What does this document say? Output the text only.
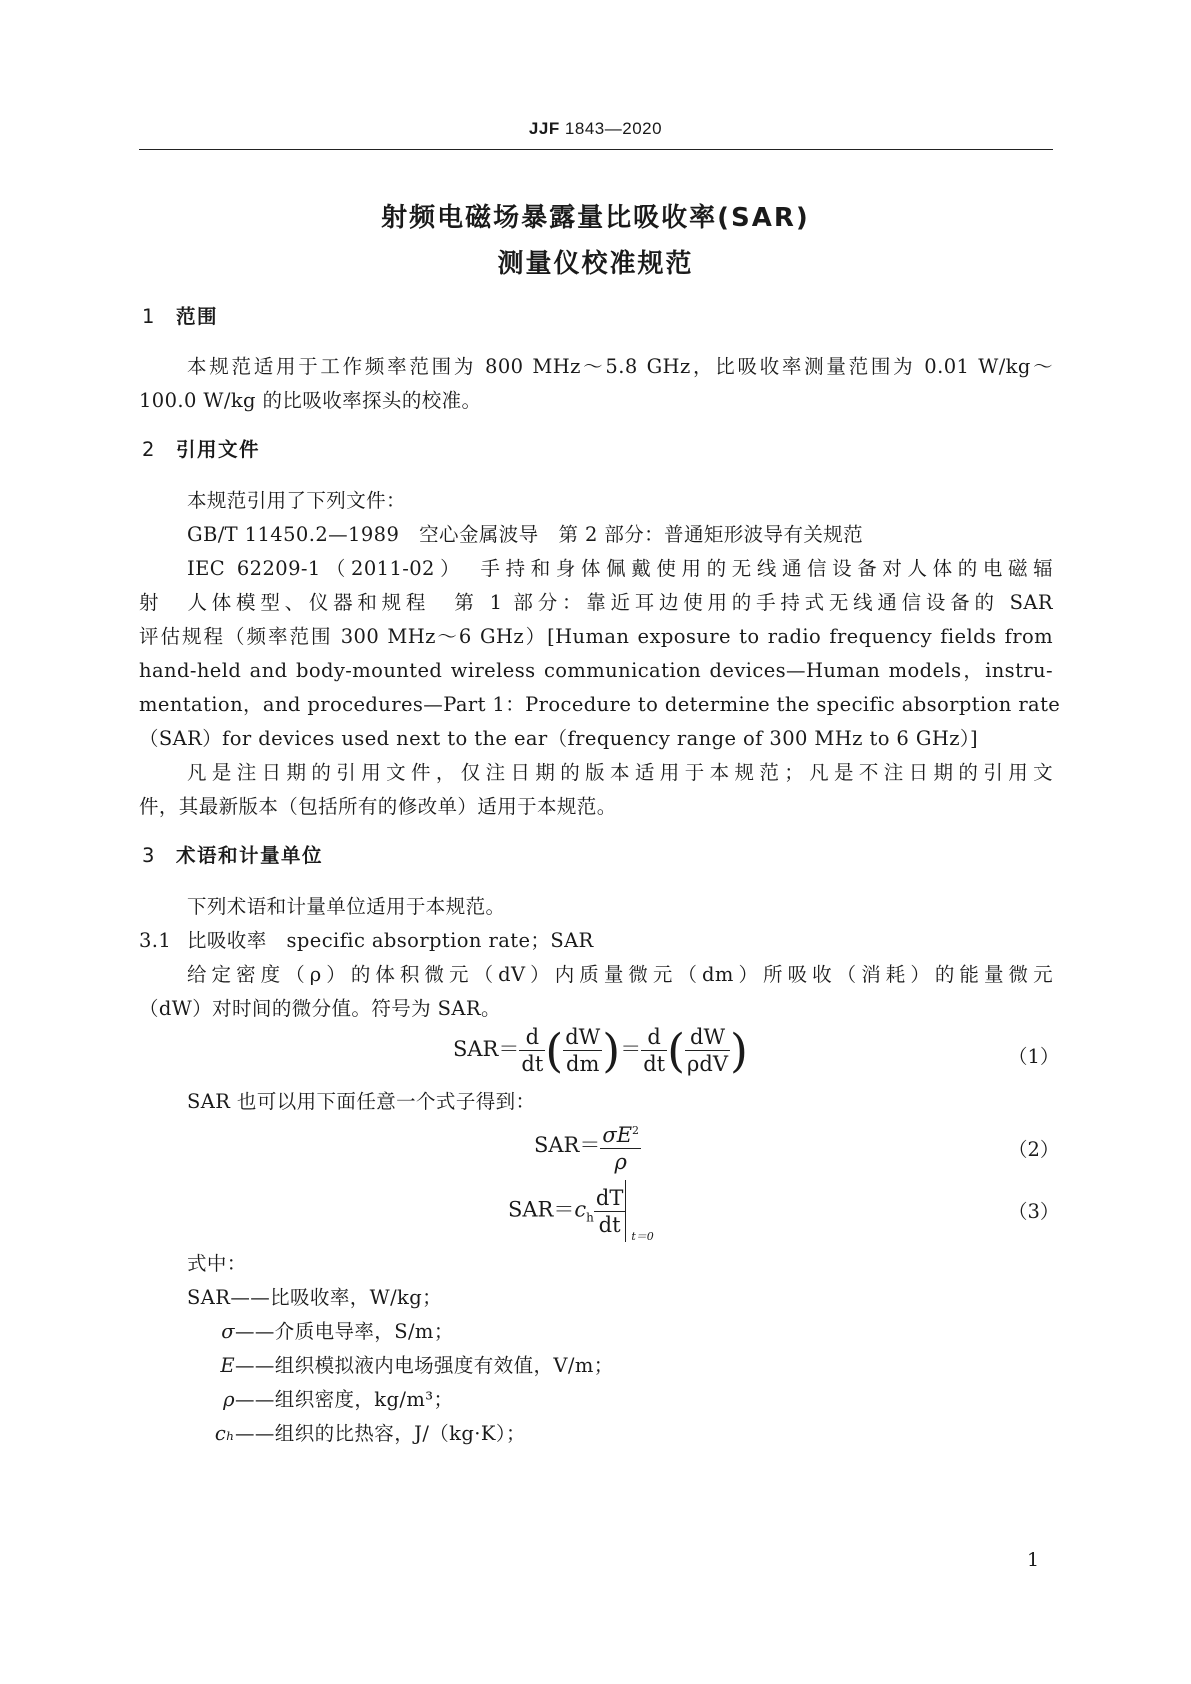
JJF 1843—2020
射频电磁场暴露量比吸收率(SAR)
测量仪校准规范
1 范围
本规范适用于工作频率范围为 800 MHz～5.8 GHz，比吸收率测量范围为 0.01 W/kg～
100.0 W/kg 的比吸收率探头的校准。
2 引用文件
本规范引用了下列文件：
GB/T 11450.2—1989　空心金属波导　第 2 部分：普通矩形波导有关规范
IEC 62209-1（2011-02）　手持和身体佩戴使用的无线通信设备对人体的电磁辐
射　人体模型、仪器和规程　第 1 部分：靠近耳边使用的手持式无线通信设备的 SAR
评估规程（频率范围 300 MHz～6 GHz）[Human exposure to radio frequency fields from
hand-held and body-mounted wireless communication devices—Human models，instru-
mentation，and procedures—Part 1：Procedure to determine the specific absorption rate
（SAR）for devices used next to the ear（frequency range of 300 MHz to 6 GHz）]
凡是注日期的引用文件，仅注日期的版本适用于本规范；凡是不注日期的引用文
件，其最新版本（包括所有的修改单）适用于本规范。
3 术语和计量单位
下列术语和计量单位适用于本规范。
3.1 比吸收率　specific absorption rate；SAR
给定密度（ρ）的体积微元（dV）内质量微元（dm）所吸收（消耗）的能量微元
（dW）对时间的微分值。符号为 SAR。
$SAR= \frac{d}{dt}$ ( $\frac{dW}{dm}$ )＝ $\frac{d}{dt}$ ( $\frac{dW}{\text{ρdV}}$ )	（1）
SAR 也可以用下面任意一个式子得到：
$SAR= \frac{\sigma E^2}{\rho}$	（2）
$SAR=c_h \frac{dT}{dt} t=0$
（3）
式中：
SAR——比吸收率，W/kg；
σ——介质电导率，S/m；
E——组织模拟液内电场强度有效值，V/m；
ρ——组织密度，kg/m³；
cₕ——组织的比热容，J/（kg·K）；
1
